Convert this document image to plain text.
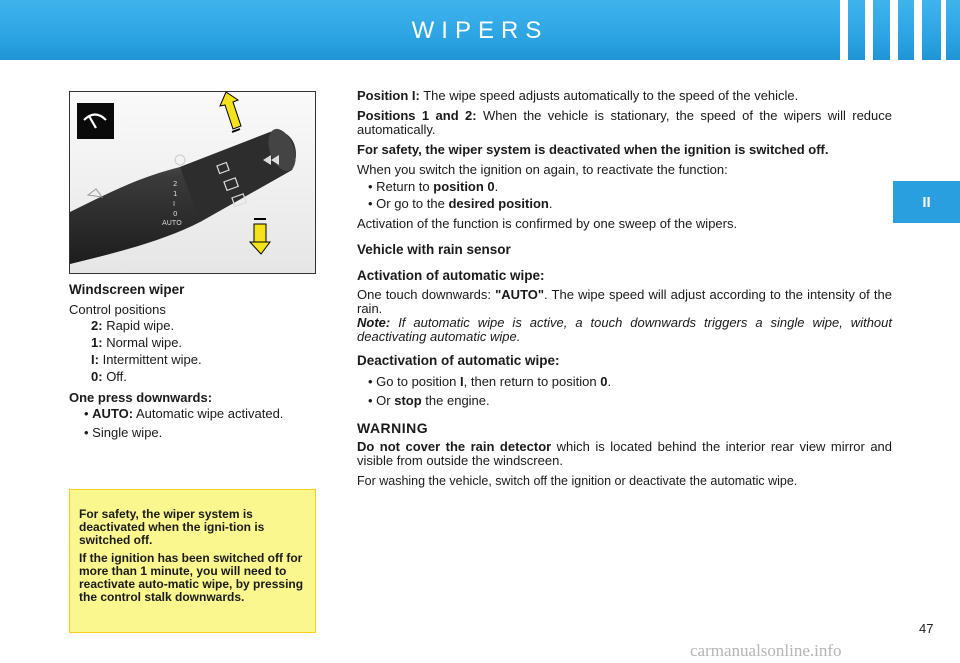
WIPERS
II
2
1
I
0
AUTO

Windscreen wiper

Control positions

2: Rapid wipe.

1: Normal wipe.

I: Intermittent wipe.

0: Off.

One press downwards:

• AUTO: Automatic wipe activated.

• Single wipe.

For safety, the wiper system is deactivated when the igni-tion is switched off.

If the ignition has been switched off for more than 1 minute, you will need to reactivate auto-matic wipe, by pressing the control stalk downwards.

Position I: The wipe speed adjusts automatically to the speed of the vehicle.

Positions 1 and 2: When the vehicle is stationary, the speed of the wipers will reduce automatically.

For safety, the wiper system is deactivated when the ignition is switched off.

When you switch the ignition on again, to reactivate the function:

• Return to position 0.

• Or go to the desired position.

Activation of the function is confirmed by one sweep of the wipers.

Vehicle with rain sensor

Activation of automatic wipe:

One touch downwards: "AUTO". The wipe speed will adjust according to the intensity of the rain.

Note: If automatic wipe is active, a touch downwards triggers a single wipe, without deactivating automatic wipe.

Deactivation of automatic wipe:

• Go to position I, then return to position 0.

• Or stop the engine.

WARNING

Do not cover the rain detector which is located behind the interior rear view mirror and visible from outside the windscreen.

For washing the vehicle, switch off the ignition or deactivate the automatic wipe.

47
carmanualsonline.info
